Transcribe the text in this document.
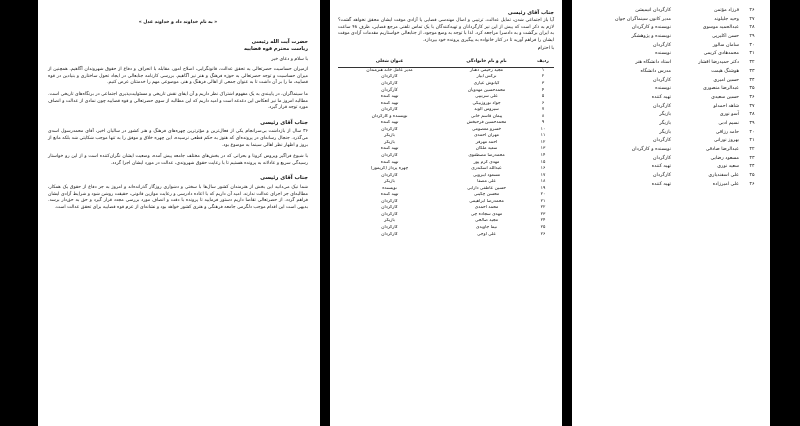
« به نام خداوند داد و خداوند عدل »
حضرت آیت الله رئیسی
ریاست محترم قوه قضاییه
با سلام و دعای خیر

ازمیزان حساسیت حضرتعالی به تحقق عدالت، قانونگرایی، اصلاح امور، مقابله با انحراف و دفاع از حقوق شهروندان آگاهیم. همچنین از میزان حساسیت و توجه حضرتعالی به حوزه فرهنگ و هنر نیز آگاهیم. بررسی کارنامه جنابعالی در ایجاد تحول ساختاری و بنیادین در قوه قضاییه، ما را بر آن داشت تا به عنوان جمعی از اهالی فرهنگ و هنر، موضوعی مهم را خدمتتان عرض کنیم.

ما سینماگران، در پایبندی به یک مفهوم اشتراک نظر داریم و آن ایفای نقش تاریخی و مسئولیت‌پذیری اجتماعی در برنگاه‌های تاریخی است. مطالبه امروز ما نیز انعکاس این دغدغه است و امید داریم که این مطالبه از سوی حضرتعالی و قوه قضاییه چون نمادی از عدالت و انصاف مورد توجه قرار گیرد.

جناب آقای رئیسی

۳۶ سال از بازداشت بی‌سرانجام یکی از فعال‌ترین و مؤثرترین چهره‌های فرهنگ و هنر کشور در سالیان اخیر، آقای محمدرسول اسدی می‌گذرد. جنجال رسانه‌ای در پرونده‌ای که هنوز به حکم قطعی نرسیده، این چهره خلاق و موفق را به تنها موجب شکایتی شد بلکه مانع از بروز و اظهار نظر اهالی سینما به موضوع بود.

با شیوع فراگیر ویروس کرونا و بحرانی که در بخش‌های مختلف جامعه پیش آمده، وضعیت ایشان نگران‌کننده است و از این رو خواستار رسیدگی سریع و عادلانه به پرونده هستیم تا با رعایت حقوق شهروندی، عدالت در مورد ایشان اجرا گردد.

جناب آقای رئیسی

شما نیک می‌دانید این بخش از هنرمندان کشور سال‌ها با سختی و دشواری روزگار گذرانده‌اند و امروز به جز دفاع از حقوق یک همکار، مطالبه‌ای جز اجرای عدالت ندارند. امید آن داریم که با اعاده دادرسی و رعایت موازین قانونی، حقیقت روشن شود و شرایط آزادی ایشان فراهم گردد. از حضرتعالی تقاضا داریم دستور فرمایید تا پرونده با دقت و انصاف مورد بررسی مجدد قرار گیرد و حق به حق‌دار برسد. بدیهی است این اقدام موجب دلگرمی جامعه فرهنگی و هنری کشور خواهد بود و نشانه‌ای از عزم قوه قضاییه برای تحقق عدالت است.

جناب آقای رئیسی

آیا باز اجتماعی شدن، تمایل عدالت، ترتیبی و اصال مهندسی قضایی یا آزادی موقت ایشان محقق نخواهد گشت؟ لازم به ذکر است که پیش از این نیز کارگردانان و تهیه‌کنندگان با یک تماس تلفنی مرجع قضایی، ظرف ۴۸ ساعت به ایران برگشت و به دادسرا مراجعه کرد. لذا با توجه به وضع موجود، از جنابعالی خواستاریم مقدمات آزادی موقت ایشان را فراهم آورید تا در کنار خانواده به پیگیری پرونده خود بپردازد.

با احترام
ردیف	نام و نام خانوادگی	عنوان شغلی
۱	مجید رحیمی دهنار	مدیر عامل خانه هنرمندان
۲	نرگس آبیار	کارگردان
۳	کیانوش عیاری	کارگردان
۴	محمدحسین مهدویان	کارگردان
۵	علی سرتیپی	تهیه کننده
۶	جواد نوروزبیگی	تهیه کننده
۷	سیروس الوند	کارگردان
۸	پیمان قاسم خانی	نویسنده و کارگردان
۹	محمدحسین فرحبخش	تهیه کننده
۱۰	خسرو معصومی	کارگردان
۱۱	مهران احمدی	بازیگر
۱۲	احمد مهرفر	بازیگر
۱۳	سعید ملکان	تهیه کننده
۱۴	محمدرضا مصطفوی	کارگردان
۱۵	مهدی کرم پور	تهیه کننده
۱۶	عبدالله اسکندری	چهره پرداز (گریمور)
۱۷	مسعود آببرویی	کارگردان
۱۸	علی مصفا	بازیگر
۱۹	حسین عاطفی دارابی	نویسنده
۲۰	محسن چگینی	تهیه کننده
۲۱	محمدرضا ابراهیمی	کارگردان
۲۲	محمد احمدی	کارگردان
۲۳	مهدی سجاده چی	کارگردان
۲۴	مجید صالحی	بازیگر
۲۵	نیما جاویدی	کارگردان
۲۶	علی اوجی	کارگردان
۲۶	فرزاد مؤتمن	کارگردان انیمیشن
۲۷	وحید جلیلوند	مدیر کانون سینماگران جوان
۲۸	عبدالحمید موسوی	نویسنده و کارگردان
۲۹	حسن اکلیرپی	نویسنده و پژوهشگر
۳۰	سامان سالور	کارگردان
۳۱	محمدهادی کریمی	نویسنده
۳۲	دکتر حمیدرضا افشار	استاد دانشگاه هنر
۳۳	هوشنگ هیمت	مدرس دانشگاه
۳۴	حسین امیری	کارگردان
۳۵	عبدالرضا منصوری	نویسنده
۳۶	حسین سعیدی	تهیه کننده
۳۷	شاهد احمدلو	کارگردان
۳۸	آسو نوری	بازیگر
۳۹	نسیم ادبی	بازیگر
۴۰	حامد رزاقی	بازیگر
۴۱	بهروز نورانی	کارگردان
۴۲	عبدالرضا صادقی	نویسنده و کارگردان
۴۳	مسعود رضایی	کارگردان
۴۴	سعید نوری	تهیه کننده
۴۵	علی اسفندیاری	کارگردان
۴۶	علی امیرزاده	تهیه کننده
